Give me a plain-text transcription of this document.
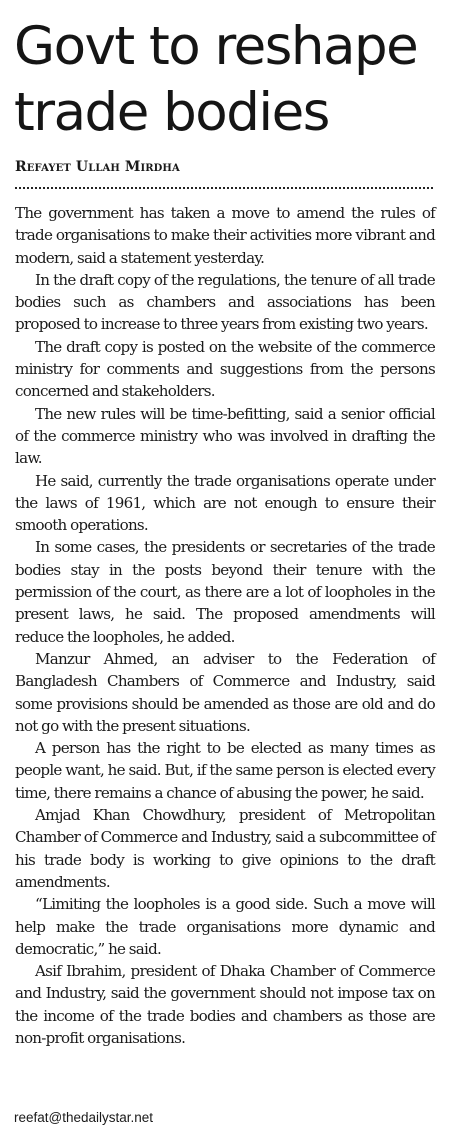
Govt to reshape trade bodies
Refayet Ullah Mirdha

The government has taken a move to amend the rules of trade organisations to make their activities more vibrant and modern, said a statement yesterday.

In the draft copy of the regulations, the tenure of all trade bodies such as chambers and associations has been proposed to increase to three years from existing two years.

The draft copy is posted on the website of the commerce ministry for comments and suggestions from the persons concerned and stakeholders.

The new rules will be time-befitting, said a senior official of the commerce ministry who was involved in drafting the law.

He said, currently the trade organisations operate under the laws of 1961, which are not enough to ensure their smooth operations.

In some cases, the presidents or secretaries of the trade bodies stay in the posts beyond their tenure with the permission of the court, as there are a lot of loopholes in the present laws, he said. The proposed amendments will reduce the loopholes, he added.

Manzur Ahmed, an adviser to the Federation of Bangladesh Chambers of Commerce and Industry, said some provisions should be amended as those are old and do not go with the present situations.

A person has the right to be elected as many times as people want, he said. But, if the same person is elected every time, there remains a chance of abusing the power, he said.

Amjad Khan Chowdhury, president of Metropolitan Chamber of Commerce and Industry, said a subcommittee of his trade body is working to give opinions to the draft amendments.

“Limiting the loopholes is a good side. Such a move will help make the trade organisations more dynamic and democratic,” he said.

Asif Ibrahim, president of Dhaka Chamber of Commerce and Industry, said the government should not impose tax on the income of the trade bodies and chambers as those are non-profit organisations.

reefat@thedailystar.net
